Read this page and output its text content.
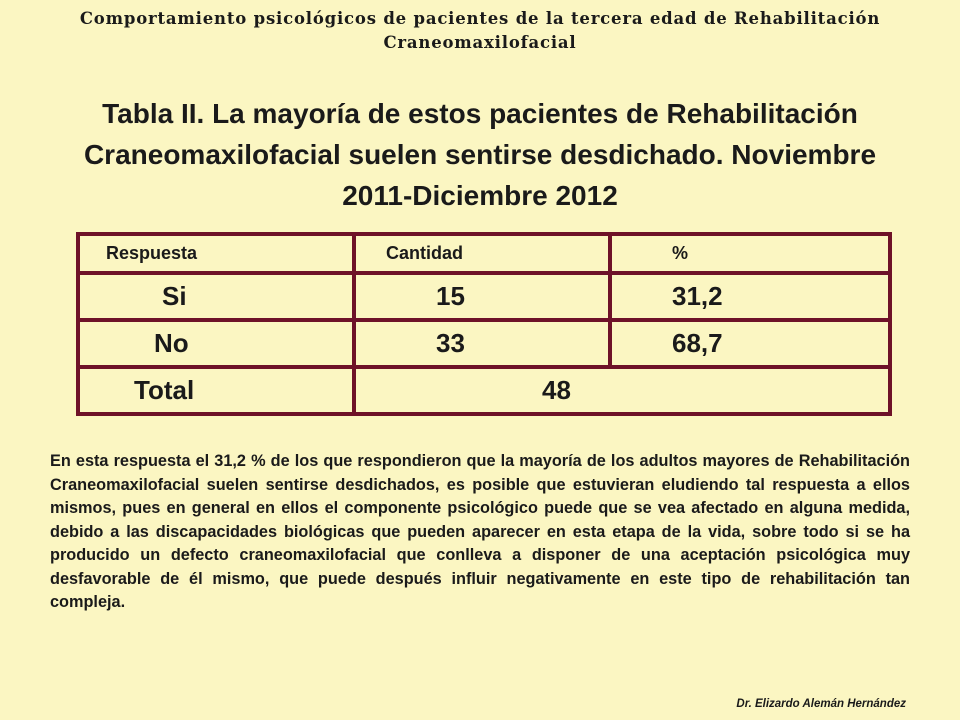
Comportamiento psicológicos de pacientes de la tercera edad de Rehabilitación
Craneomaxilofacial
Tabla II. La mayoría de estos pacientes de Rehabilitación
Craneomaxilofacial suelen sentirse desdichado. Noviembre
2011-Diciembre 2012
Respuesta	Cantidad	%
Si	15	31,2
No	33	68,7
Total	48	
En esta respuesta el 31,2 % de los que respondieron que la mayoría de los adultos mayores de Rehabilitación Craneomaxilofacial suelen sentirse desdichados, es posible que estuvieran eludiendo tal respuesta a ellos mismos, pues en general en ellos el componente psicológico puede que se vea afectado en alguna medida, debido a las discapacidades biológicas que pueden aparecer en esta etapa de la vida, sobre todo si se ha producido un defecto craneomaxilofacial que conlleva a disponer de una aceptación psicológica muy desfavorable de él mismo, que puede después influir negativamente en este tipo de rehabilitación tan compleja.
Dr. Elizardo Alemán Hernández
